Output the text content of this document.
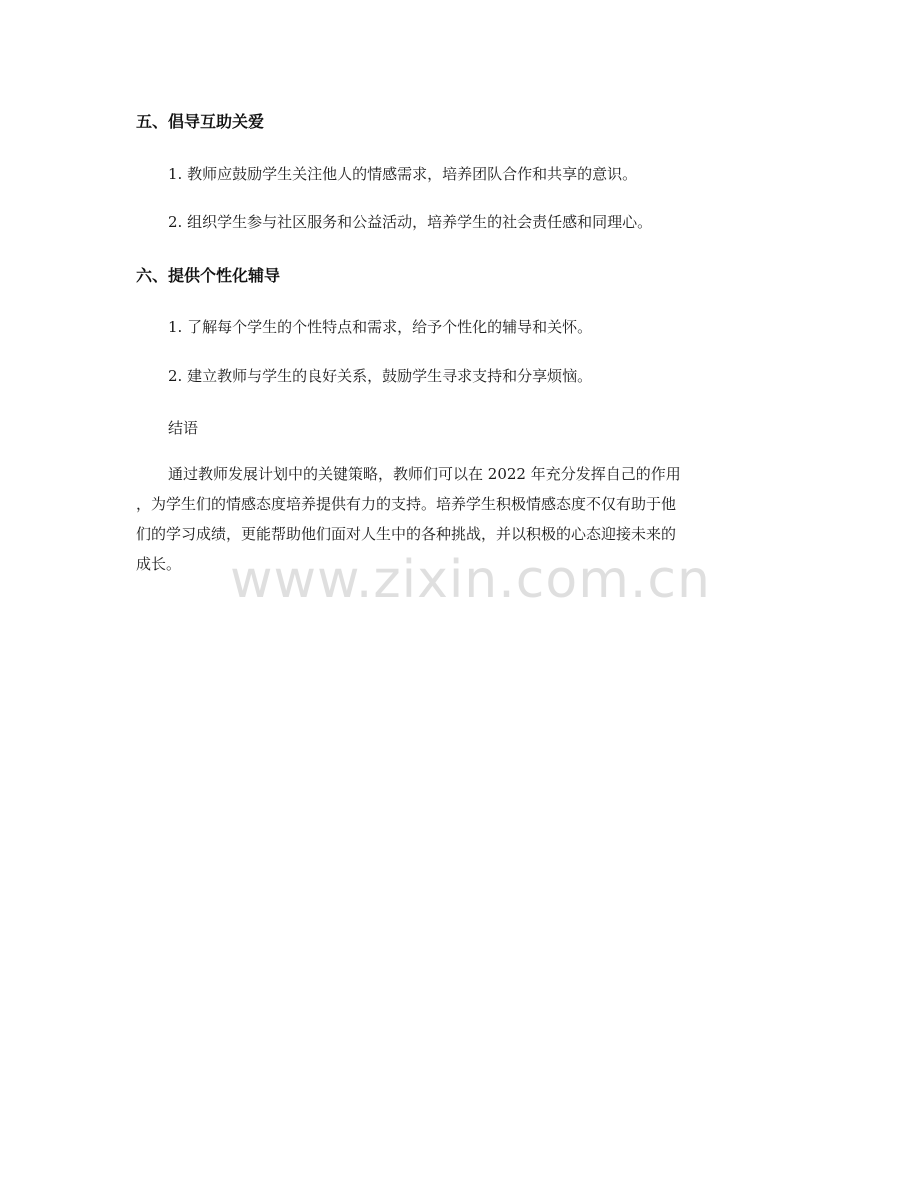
五、倡导互助关爱

1. 教师应鼓励学生关注他人的情感需求，培养团队合作和共享的意识。

2. 组织学生参与社区服务和公益活动，培养学生的社会责任感和同理心。

六、提供个性化辅导

1. 了解每个学生的个性特点和需求，给予个性化的辅导和关怀。

2. 建立教师与学生的良好关系，鼓励学生寻求支持和分享烦恼。

结语

通过教师发展计划中的关键策略，教师们可以在 2022 年充分发挥自己的作用
，为学生们的情感态度培养提供有力的支持。培养学生积极情感态度不仅有助于他
们的学习成绩，更能帮助他们面对人生中的各种挑战，并以积极的心态迎接未来的
成长。 www.zixin.com.cn
